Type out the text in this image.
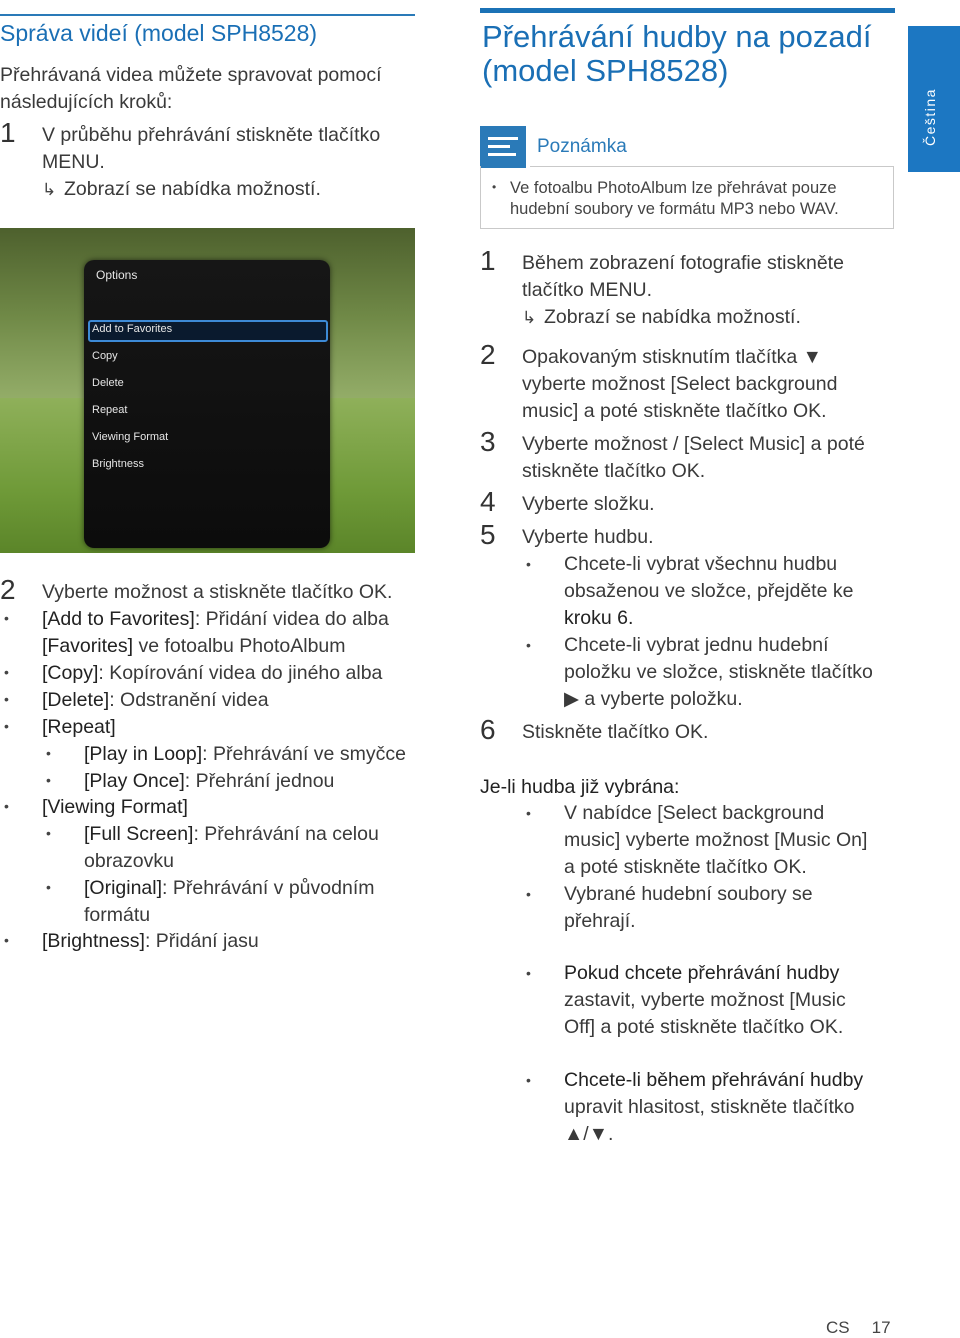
Správa videí (model SPH8528)
Přehrávaná videa můžete spravovat pomocí
následujících kroků:
1 V průběhu přehrávání stiskněte tlačítko
MENU.
↳ Zobrazí se nabídka možností.
Options
Add to Favorites
Copy
Delete
Repeat
Viewing Format
Brightness
2 Vyberte možnost a stiskněte tlačítko OK.
• [Add to Favorites]: Přidání videa do alba
[Favorites] ve fotoalbu PhotoAlbum
• [Copy]: Kopírování videa do jiného alba
• [Delete]: Odstranění videa
• [Repeat]
• [Play in Loop]: Přehrávání ve smyčce
• [Play Once]: Přehrání jednou
• [Viewing Format]
• [Full Screen]: Přehrávání na celou
obrazovku
• [Original]: Přehrávání v původním
formátu
• [Brightness]: Přidání jasu
Přehrávání hudby na pozadí
(model SPH8528)
Poznámka
• Ve fotoalbu PhotoAlbum lze přehrávat pouze
hudební soubory ve formátu MP3 nebo WAV.
1 Během zobrazení fotografie stiskněte
tlačítko MENU.
↳ Zobrazí se nabídka možností.
2 Opakovaným stisknutím tlačítka ▼
vyberte možnost [Select background
music] a poté stiskněte tlačítko OK.
3 Vyberte možnost / [Select Music] a poté
stiskněte tlačítko OK.
4 Vyberte složku.
5 Vyberte hudbu.
• Chcete-li vybrat všechnu hudbu
obsaženou ve složce, přejděte ke
kroku 6.
• Chcete-li vybrat jednu hudební
položku ve složce, stiskněte tlačítko
▶ a vyberte položku.
6 Stiskněte tlačítko OK.
Je-li hudba již vybrána:
• V nabídce [Select background
music] vyberte možnost [Music On]
a poté stiskněte tlačítko OK.
• Vybrané hudební soubory se
přehrají.
• Pokud chcete přehrávání hudby
zastavit, vyberte možnost [Music
Off] a poté stiskněte tlačítko OK.
• Chcete-li během přehrávání hudby
upravit hlasitost, stiskněte tlačítko
▲/▼.
Čeština
CS 17
